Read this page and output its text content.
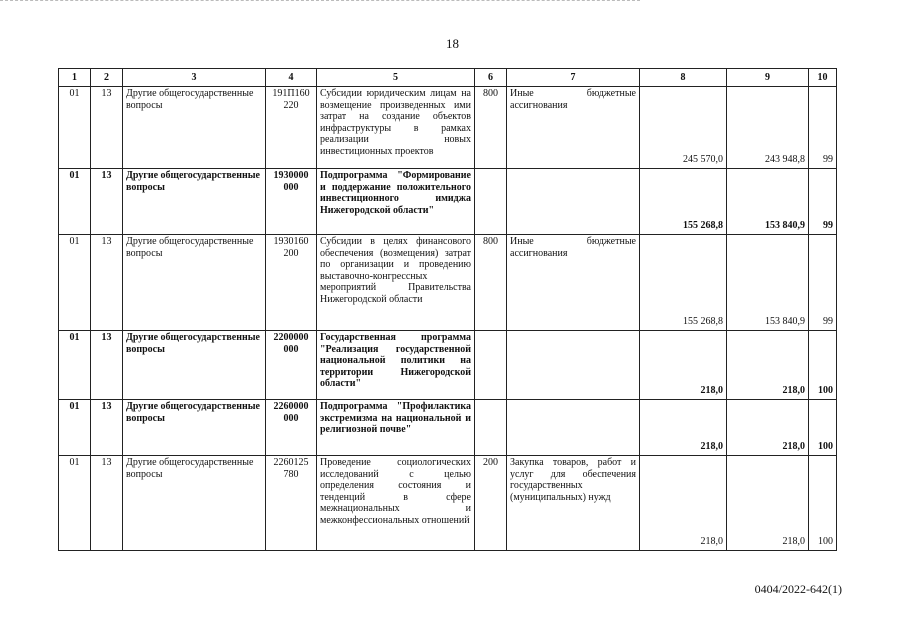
18
1	2	3	4	5	6	7	8	9	10
01	13	Другие общегосударственные вопросы	191П160 220	Субсидии юридическим лицам на возмещение произведенных ими затрат на создание объектов инфраструктуры в рамках реализации новых инвестиционных проектов	800	Иные бюджетные ассигнования	245 570,0	243 948,8	99
01	13	Другие общегосударственные вопросы	1930000 000	Подпрограмма "Формирование и поддержание положительного инвестиционного имиджа Нижегородской области"			155 268,8	153 840,9	99
01	13	Другие общегосударственные вопросы	1930160 200	Субсидии в целях финансового обеспечения (возмещения) затрат по организации и проведению выставочно-конгрессных мероприятий Правительства Нижегородской области	800	Иные бюджетные ассигнования	155 268,8	153 840,9	99
01	13	Другие общегосударственные вопросы	2200000 000	Государственная программа "Реализация государственной национальной политики на территории Нижегородской области"			218,0	218,0	100
01	13	Другие общегосударственные вопросы	2260000 000	Подпрограмма "Профилактика экстремизма на национальной и религиозной почве"			218,0	218,0	100
01	13	Другие общегосударственные вопросы	2260125 780	Проведение социологических исследований с целью определения состояния и тенденций в сфере межнациональных и межконфессиональных отношений	200	Закупка товаров, работ и услуг для обеспечения государственных (муниципальных) нужд	218,0	218,0	100
0404/2022-642(1)
